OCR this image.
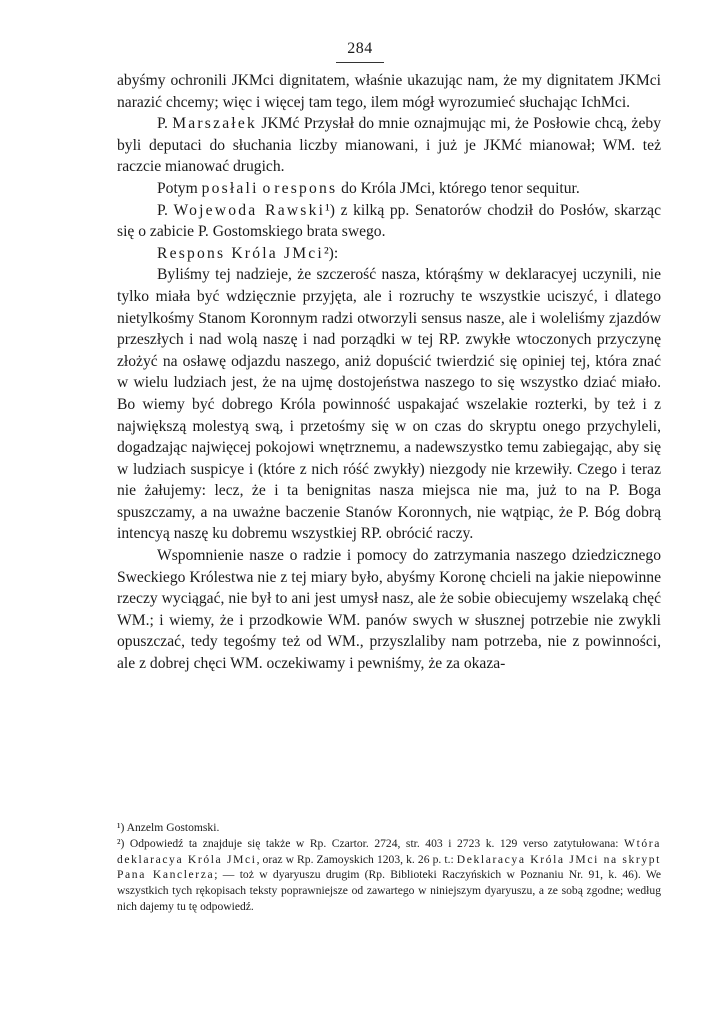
284

abyśmy ochronili JKMci dignitatem, właśnie ukazując nam, że my dignitatem JKMci narazić chcemy; więc i więcej tam tego, ilem mógł wyrozumieć słuchając IchMci.

P. Marszałek JKMć Przysłał do mnie oznajmując mi, że Posłowie chcą, żeby byli deputaci do słuchania liczby mianowani, i już je JKMć mianował; WM. też raczcie mianować drugich.

Potym posłali o respons do Króla JMci, którego tenor sequitur.

P. Wojewoda Rawski¹) z kilką pp. Senatorów chodził do Posłów, skarząc się o zabicie P. Gostomskiego brata swego.

Respons Króla JMci²):

Byliśmy tej nadzieje, że szczerość nasza, którąśmy w deklaracyej uczynili, nie tylko miała być wdzięcznie przyjęta, ale i rozruchy te wszystkie uciszyć, i dlatego nietylkośmy Stanom Koronnym radzi otworzyli sensus nasze, ale i woleliśmy zjazdów przeszłych i nad wolą naszę i nad porządki w tej RP. zwykłe wtoczonych przyczynę złożyć na osławę odjazdu naszego, aniż dopuścić twierdzić się opiniej tej, która znać w wielu ludziach jest, że na ujmę dostojeństwa naszego to się wszystko dziać miało. Bo wiemy być dobrego Króla powinność uspakajać wszelakie rozterki, by też i z największą molestyą swą, i przetośmy się w on czas do skryptu onego przychyleli, dogadzając najwięcej pokojowi wnętrznemu, a nadewszystko temu zabiegając, aby się w ludziach suspicye i (które z nich róść zwykły) niezgody nie krzewiły. Czego i teraz nie żałujemy: lecz, że i ta benignitas nasza miejsca nie ma, już to na P. Boga spuszczamy, a na uważne baczenie Stanów Koronnych, nie wątpiąc, że P. Bóg dobrą intencyą naszę ku dobremu wszystkiej RP. obrócić raczy.

Wspomnienie nasze o radzie i pomocy do zatrzymania naszego dziedzicznego Sweckiego Królestwa nie z tej miary było, abyśmy Koronę chcieli na jakie niepowinne rzeczy wyciągać, nie był to ani jest umysł nasz, ale że sobie obiecujemy wszelaką chęć WM.; i wiemy, że i przodkowie WM. panów swych w słusznej potrzebie nie zwykli opuszczać, tedy tegośmy też od WM., przyszlaliby nam potrzeba, nie z powinności, ale z dobrej chęci WM. oczekiwamy i pewniśmy, że za okaza-

¹) Anzelm Gostomski.

²) Odpowiedź ta znajduje się także w Rp. Czartor. 2724, str. 403 i 2723 k. 129 verso zatytułowana: Wtóra deklaracya Króla JMci, oraz w Rp. Zamoyskich 1203, k. 26 p. t.: Deklaracya Króla JMci na skrypt Pana Kanclerza; — toż w dyaryuszu drugim (Rp. Biblioteki Raczyńskich w Poznaniu Nr. 91, k. 46). We wszystkich tych rękopisach teksty poprawniejsze od zawartego w niniejszym dyaryuszu, a ze sobą zgodne; według nich dajemy tu tę odpowiedź.
